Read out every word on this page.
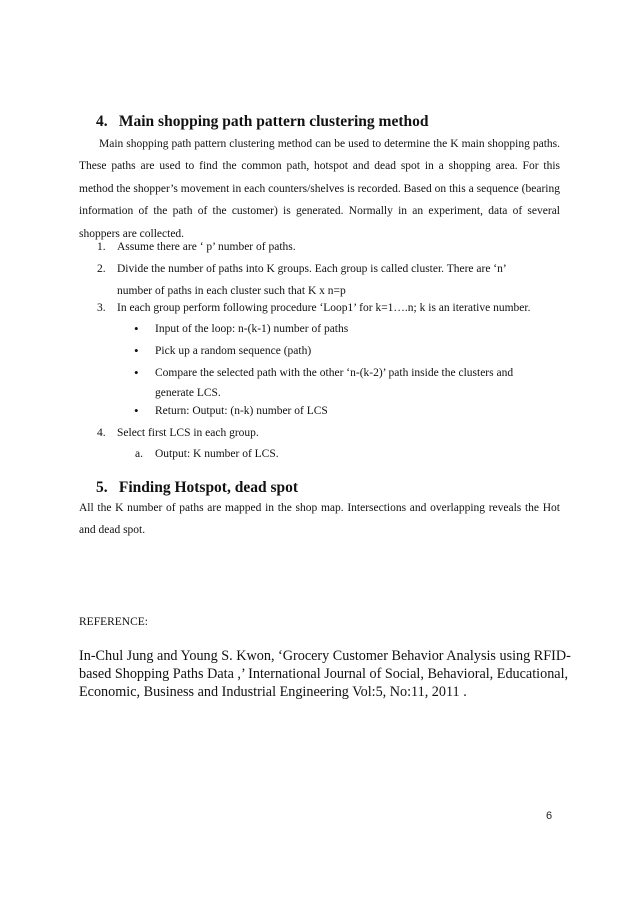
4. Main shopping path pattern clustering method
Main shopping path pattern clustering method can be used to determine the K main shopping paths. These paths are used to find the common path, hotspot and dead spot in a shopping area. For this method the shopper’s movement in each counters/shelves is recorded. Based on this a sequence (bearing information of the path of the customer) is generated. Normally in an experiment, data of several shoppers are collected.
1. Assume there are ‘ p’ number of paths.
2. Divide the number of paths into K groups. Each group is called cluster. There are ‘n’
number of paths in each cluster such that K x n=p
3. In each group perform following procedure ‘Loop1’ for k=1….n; k is an iterative number.
• Input of the loop: n-(k-1) number of paths
• Pick up a random sequence (path)
• Compare the selected path with the other ‘n-(k-2)’ path inside the clusters and
generate LCS.
• Return: Output: (n-k) number of LCS
4. Select first LCS in each group.
a. Output: K number of LCS.
5. Finding Hotspot, dead spot
All the K number of paths are mapped in the shop map. Intersections and overlapping reveals the Hot and dead spot.
REFERENCE:
In-Chul Jung and Young S. Kwon, ‘Grocery Customer Behavior Analysis using RFID-based Shopping Paths Data ,’ International Journal of Social, Behavioral, Educational, Economic, Business and Industrial Engineering Vol:5, No:11, 2011 .
6
